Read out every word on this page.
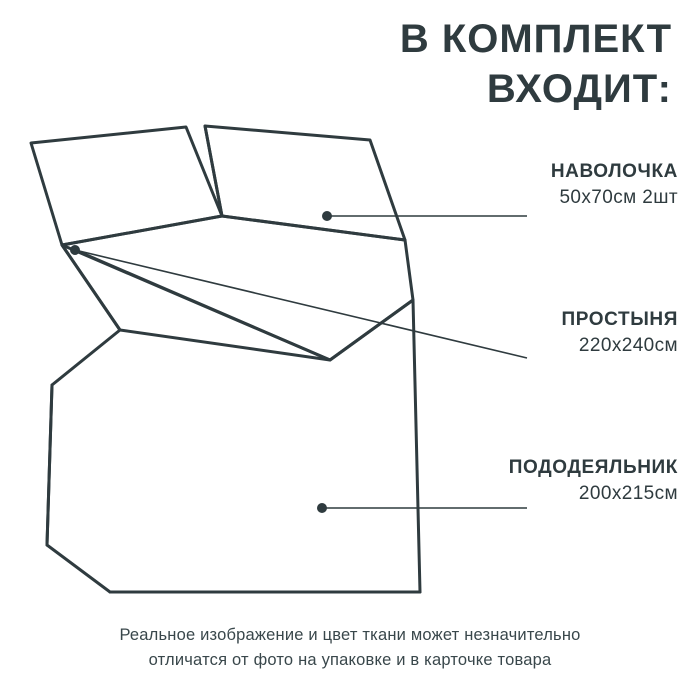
В КОМПЛЕКТ
ВХОДИТ:
НАВОЛОЧКА
50х70см 2шт
ПРОСТЫНЯ
220х240см
ПОДОДЕЯЛЬНИК
200х215см
Реальное изображение и цвет ткани может незначительно
отличатся от фото на упаковке и в карточке товара
